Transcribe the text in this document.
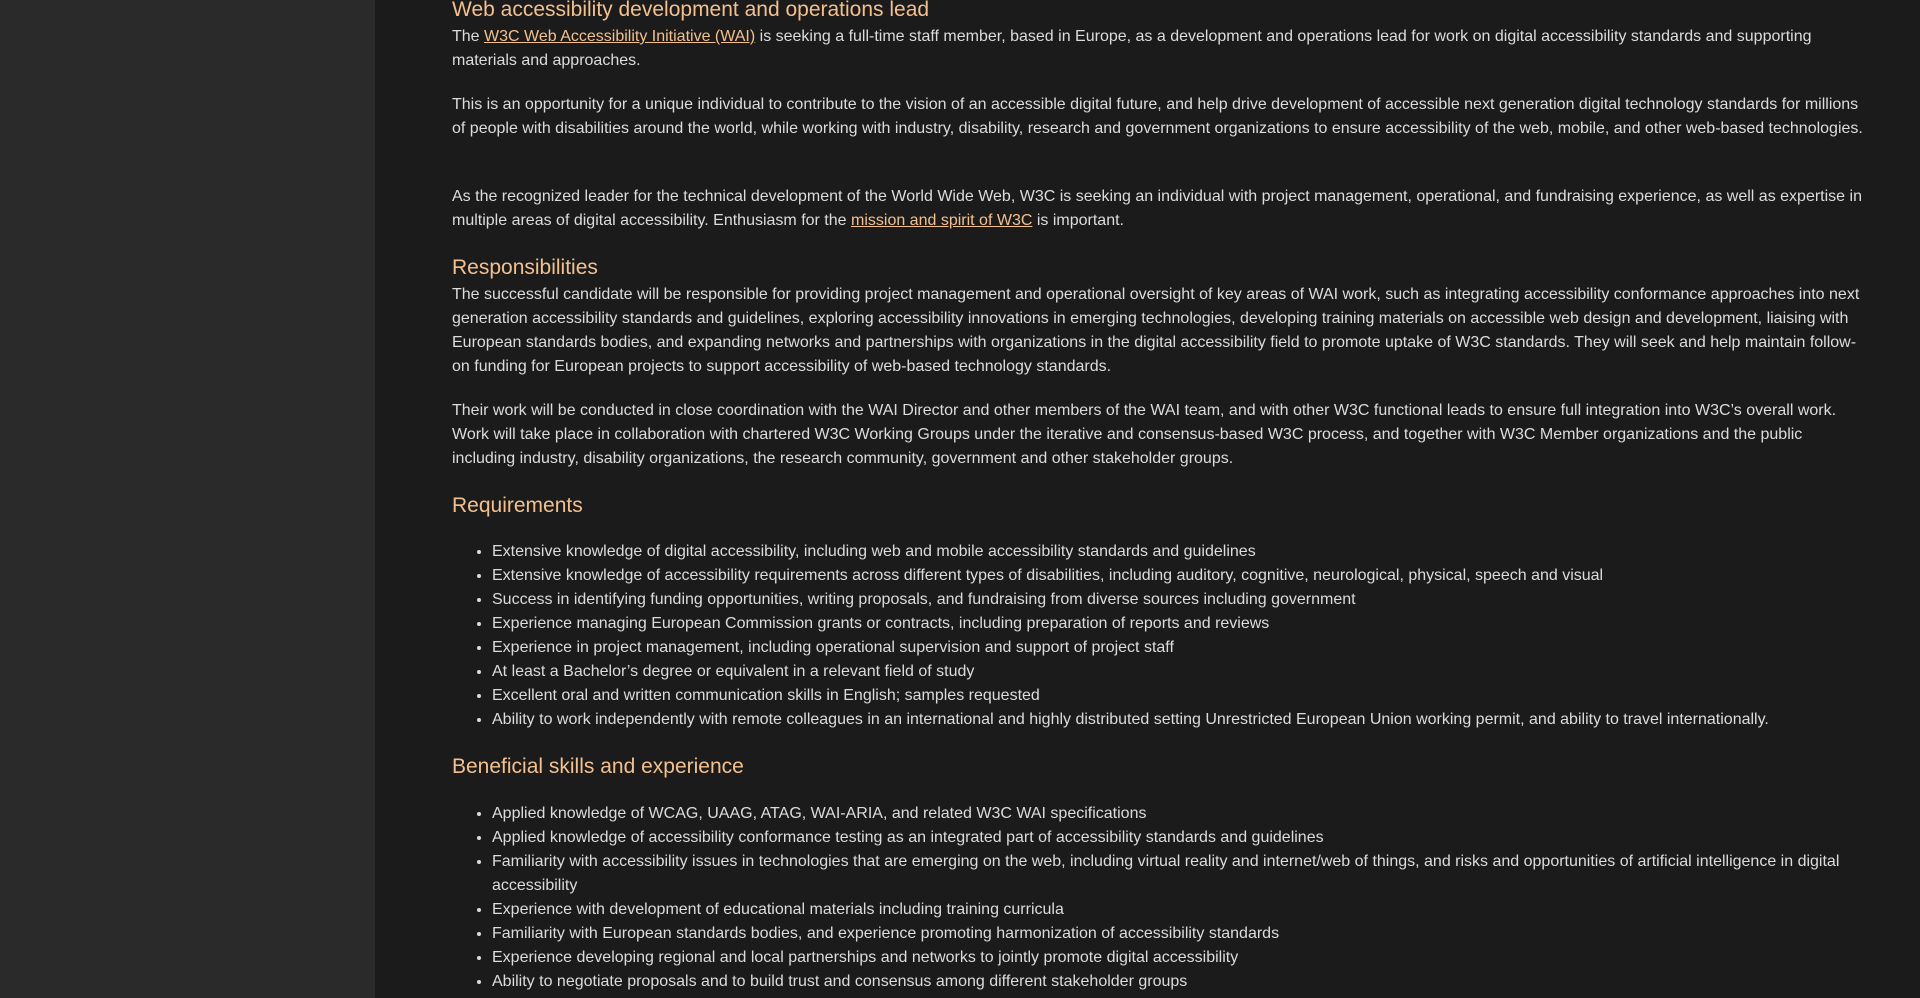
Web accessibility development and operations lead

The W3C Web Accessibility Initiative (WAI) is seeking a full-time staff member, based in Europe, as a development and operations lead for work on digital accessibility standards and supporting materials and approaches.

This is an opportunity for a unique individual to contribute to the vision of an accessible digital future, and help drive development of accessible next generation digital technology standards for millions of people with disabilities around the world, while working with industry, disability, research and government organizations to ensure accessibility of the web, mobile, and other web-based technologies.

As the recognized leader for the technical development of the World Wide Web, W3C is seeking an individual with project management, operational, and fundraising experience, as well as expertise in multiple areas of digital accessibility. Enthusiasm for the mission and spirit of W3C is important.

Responsibilities

The successful candidate will be responsible for providing project management and operational oversight of key areas of WAI work, such as integrating accessibility conformance approaches into next generation accessibility standards and guidelines, exploring accessibility innovations in emerging technologies, developing training materials on accessible web design and development, liaising with European standards bodies, and expanding networks and partnerships with organizations in the digital accessibility field to promote uptake of W3C standards. They will seek and help maintain follow-on funding for European projects to support accessibility of web-based technology standards.

Their work will be conducted in close coordination with the WAI Director and other members of the WAI team, and with other W3C functional leads to ensure full integration into W3C’s overall work. Work will take place in collaboration with chartered W3C Working Groups under the iterative and consensus-based W3C process, and together with W3C Member organizations and the public including industry, disability organizations, the research community, government and other stakeholder groups.

Requirements
• Extensive knowledge of digital accessibility, including web and mobile accessibility standards and guidelines
• Extensive knowledge of accessibility requirements across different types of disabilities, including auditory, cognitive, neurological, physical, speech and visual
• Success in identifying funding opportunities, writing proposals, and fundraising from diverse sources including government
• Experience managing European Commission grants or contracts, including preparation of reports and reviews
• Experience in project management, including operational supervision and support of project staff
• At least a Bachelor’s degree or equivalent in a relevant field of study
• Excellent oral and written communication skills in English; samples requested
• Ability to work independently with remote colleagues in an international and highly distributed setting Unrestricted European Union working permit, and ability to travel internationally.
Beneficial skills and experience
• Applied knowledge of WCAG, UAAG, ATAG, WAI-ARIA, and related W3C WAI specifications
• Applied knowledge of accessibility conformance testing as an integrated part of accessibility standards and guidelines
• Familiarity with accessibility issues in technologies that are emerging on the web, including virtual reality and internet/web of things, and risks and opportunities of artificial intelligence in digital accessibility
• Experience with development of educational materials including training curricula
• Familiarity with European standards bodies, and experience promoting harmonization of accessibility standards
• Experience developing regional and local partnerships and networks to jointly promote digital accessibility
• Ability to negotiate proposals and to build trust and consensus among different stakeholder groups
